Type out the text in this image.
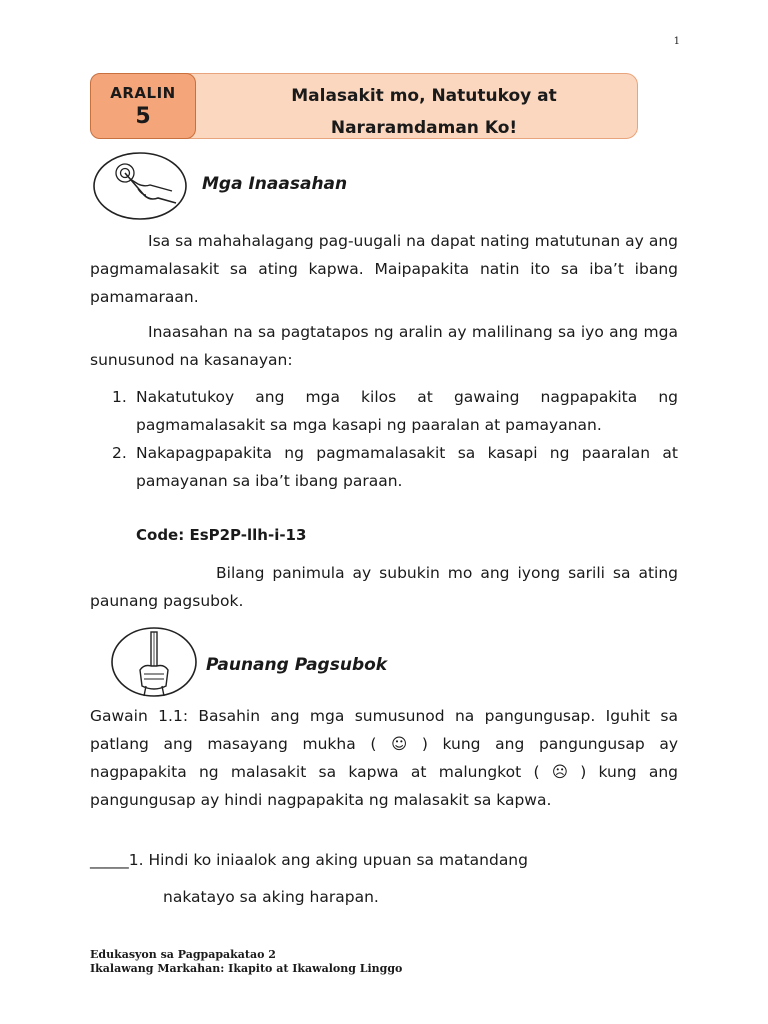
1
ARALIN
5
Malasakit mo, Natutukoy at
Nararamdaman Ko!
Mga Inaasahan

Isa sa mahahalagang pag-uugali na dapat nating matutunan ay ang pagmamalasakit sa ating kapwa. Maipapakita natin ito sa iba’t ibang pamamaraan.

Inaasahan na sa pagtatapos ng aralin ay malilinang sa iyo ang mga sunusunod na kasanayan:

1. Nakatutukoy ang mga kilos at gawaing nagpapakita ng pagmamalasakit sa mga kasapi ng paaralan at pamayanan.
2. Nakapagpapakita ng pagmamalasakit sa kasapi ng paaralan at pamayanan sa iba’t ibang paraan.
Code: EsP2P-llh-i-13

Bilang panimula ay subukin mo ang iyong sarili sa ating paunang pagsubok.

Paunang Pagsubok

Gawain 1.1: Basahin ang mga sumusunod na pangungusap. Iguhit sa patlang ang masayang mukha ( ☺ ) kung ang pangungusap ay nagpapakita ng malasakit sa kapwa at malungkot ( ☹ ) kung ang pangungusap ay hindi nagpapakita ng malasakit sa kapwa.

_____1. Hindi ko iniaalok ang aking upuan sa matandang
nakatayo sa aking harapan.
Edukasyon sa Pagpapakatao 2
Ikalawang Markahan: Ikapito at Ikawalong Linggo
